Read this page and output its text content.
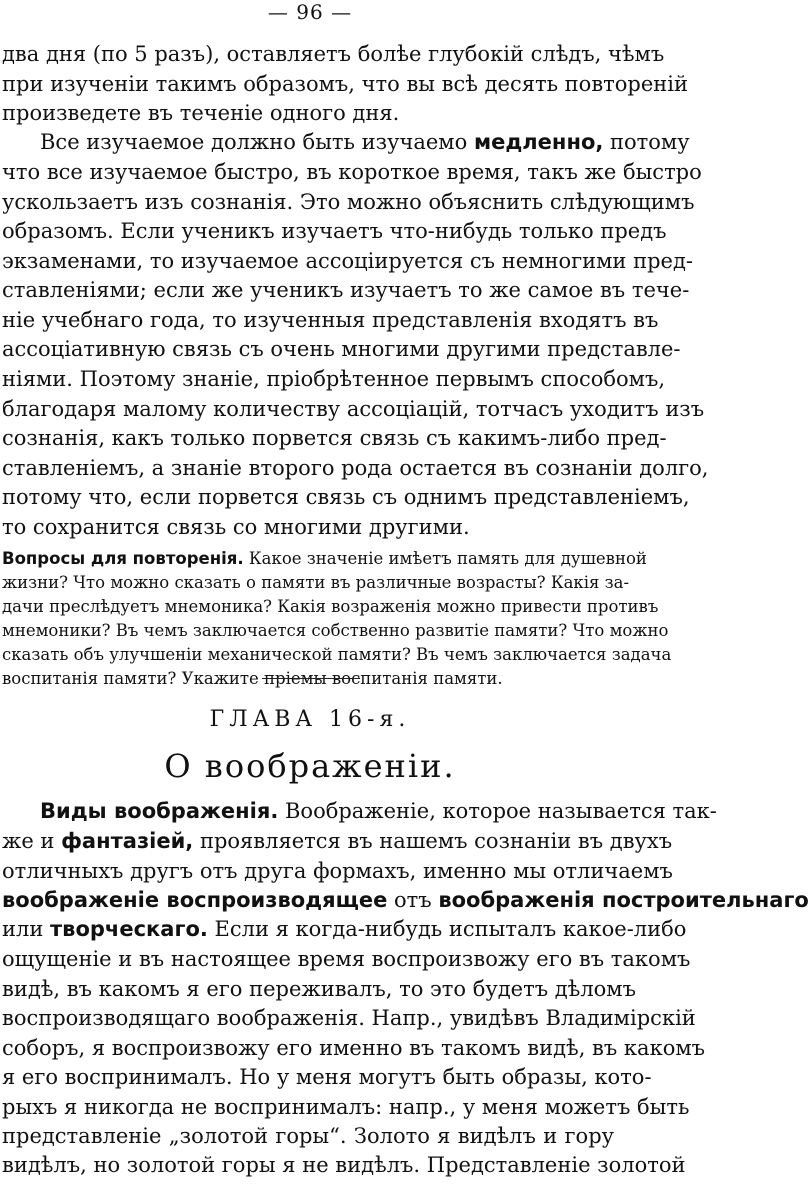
— 96 —
два дня (по 5 разъ), оставляетъ болѣе глубокій слѣдъ, чѣмъ
при изученіи такимъ образомъ, что вы всѣ десять повтореній
произведете въ теченіе одного дня.
Все изучаемое должно быть изучаемо медленно, потому
что все изучаемое быстро, въ короткое время, такъ же быстро
ускользаетъ изъ сознанія. Это можно объяснить слѣдующимъ
образомъ. Если ученикъ изучаетъ что-нибудь только предъ
экзаменами, то изучаемое ассоціируется съ немногими пред-
ставленіями; если же ученикъ изучаетъ то же самое въ тече-
ніе учебнаго года, то изученныя представленія входятъ въ
ассоціативную связь съ очень многими другими представле-
ніями. Поэтому знаніе, пріобрѣтенное первымъ способомъ,
благодаря малому количеству ассоціацій, тотчасъ уходитъ изъ
сознанія, какъ только порвется связь съ какимъ-либо пред-
ставленіемъ, а знаніе второго рода остается въ сознаніи долго,
потому что, если порвется связь съ однимъ представленіемъ,
то сохранится связь со многими другими.
Вопросы для повторенія. Какое значеніе имѣетъ память для душевной
жизни? Что можно сказать о памяти въ различные возрасты? Какія за-
дачи преслѣдуетъ мнемоника? Какія возраженія можно привести противъ
мнемоники? Въ чемъ заключается собственно развитіе памяти? Что можно
сказать объ улучшеніи механической памяти? Въ чемъ заключается задача
воспитанія памяти? Укажите пріемы воспитанія памяти.
ГЛАВА 16-я.
О воображеніи.
Виды воображенія. Воображеніе, которое называется так-
же и фантазіей, проявляется въ нашемъ сознаніи въ двухъ
отличныхъ другъ отъ друга формахъ, именно мы отличаемъ
воображеніе воспроизводящее отъ воображенія построительнаго
или творческаго. Если я когда-нибудь испыталъ какое-либо
ощущеніе и въ настоящее время воспроизвожу его въ такомъ
видѣ, въ какомъ я его переживалъ, то это будетъ дѣломъ
воспроизводящаго воображенія. Напр., увидѣвъ Владимірскій
соборъ, я воспроизвожу его именно въ такомъ видѣ, въ какомъ
я его воспринималъ. Но у меня могутъ быть образы, кото-
рыхъ я никогда не воспринималъ: напр., у меня можетъ быть
представленіе „золотой горы“. Золото я видѣлъ и гору
видѣлъ, но золотой горы я не видѣлъ. Представленіе золотой
